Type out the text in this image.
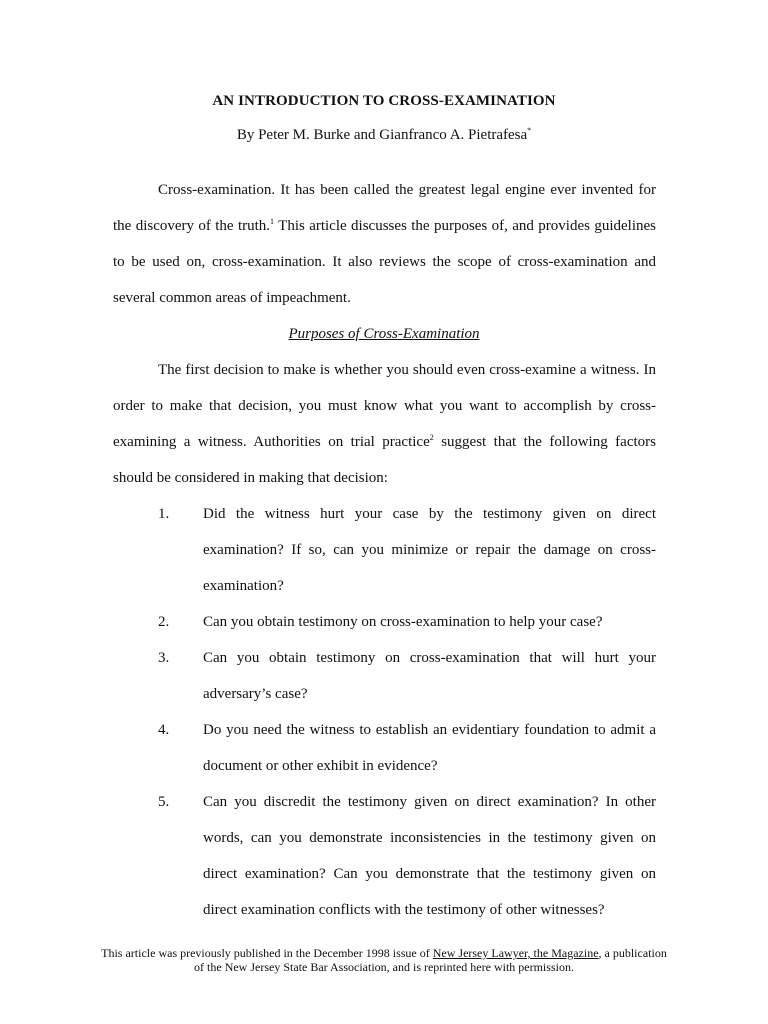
AN INTRODUCTION TO CROSS-EXAMINATION
By Peter M. Burke and Gianfranco A. Pietrafesa*
Cross-examination. It has been called the greatest legal engine ever invented for the discovery of the truth.$^1$ This article discusses the purposes of, and provides guidelines to be used on, cross-examination. It also reviews the scope of cross-examination and several common areas of impeachment.
Purposes of Cross-Examination
The first decision to make is whether you should even cross-examine a witness. In order to make that decision, you must know what you want to accomplish by cross-examining a witness. Authorities on trial practice$^2$ suggest that the following factors should be considered in making that decision:
1. Did the witness hurt your case by the testimony given on direct examination? If so, can you minimize or repair the damage on cross-examination?
2. Can you obtain testimony on cross-examination to help your case?
3. Can you obtain testimony on cross-examination that will hurt your adversary’s case?
4. Do you need the witness to establish an evidentiary foundation to admit a document or other exhibit in evidence?
5. Can you discredit the testimony given on direct examination? In other words, can you demonstrate inconsistencies in the testimony given on direct examination? Can you demonstrate that the testimony given on direct examination conflicts with the testimony of other witnesses?
This article was previously published in the December 1998 issue of New Jersey Lawyer, the Magazine, a publication of the New Jersey State Bar Association, and is reprinted here with permission.
